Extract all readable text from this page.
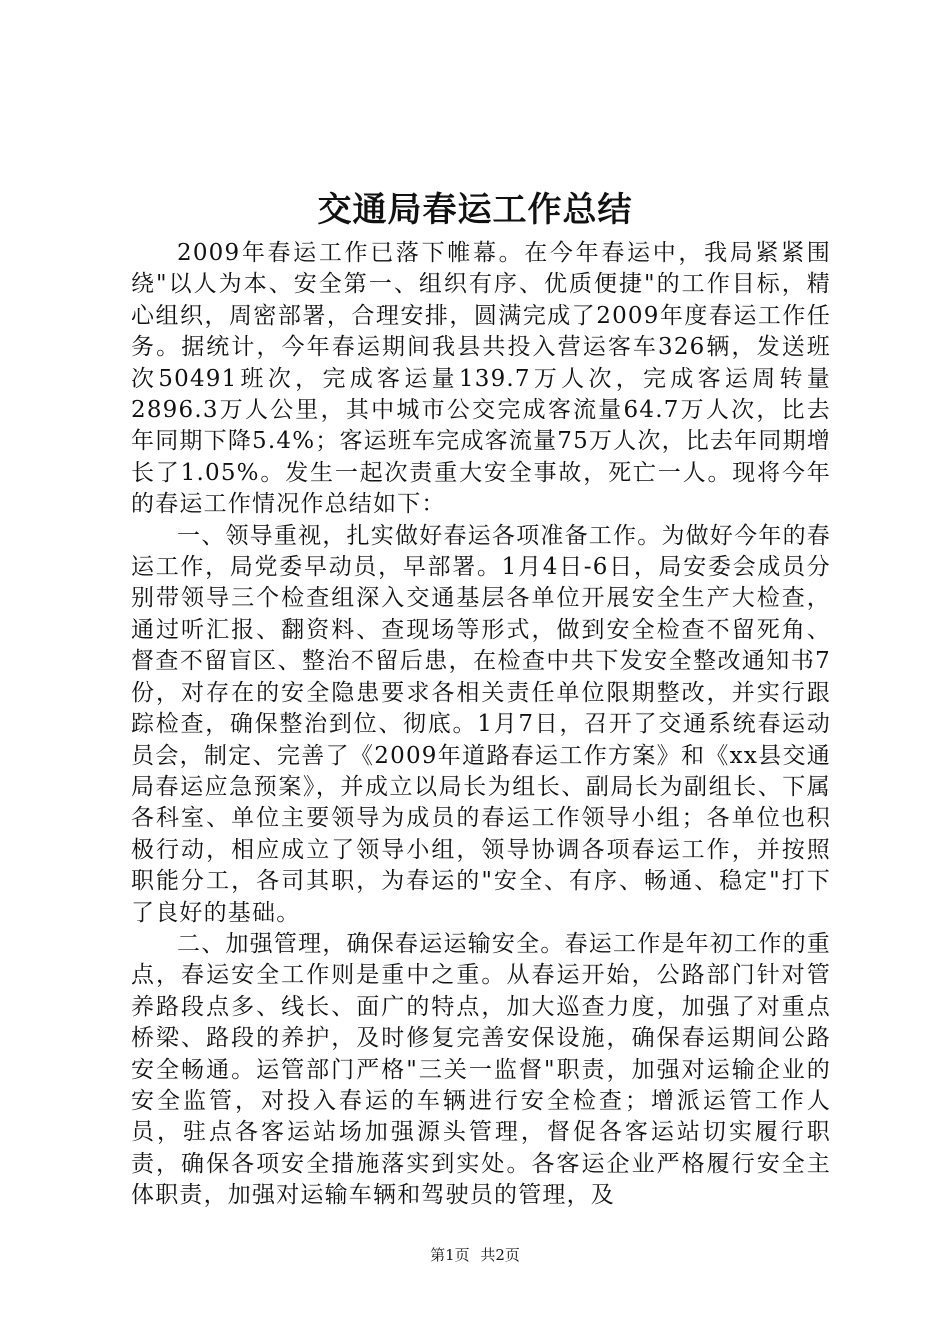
交通局春运工作总结

2009年春运工作已落下帷幕。在今年春运中，我局紧紧围绕"以人为本、安全第一、组织有序、优质便捷"的工作目标，精心组织，周密部署，合理安排，圆满完成了2009年度春运工作任务。据统计，今年春运期间我县共投入营运客车326辆，发送班次50491班次，完成客运量139.7万人次，完成客运周转量2896.3万人公里，其中城市公交完成客流量64.7万人次，比去年同期下降5.4%；客运班车完成客流量75万人次，比去年同期增长了1.05%。发生一起次责重大安全事故，死亡一人。现将今年的春运工作情况作总结如下：

一、领导重视，扎实做好春运各项准备工作。为做好今年的春运工作，局党委早动员，早部署。1月4日-6日，局安委会成员分别带领导三个检查组深入交通基层各单位开展安全生产大检查，通过听汇报、翻资料、查现场等形式，做到安全检查不留死角、督查不留盲区、整治不留后患，在检查中共下发安全整改通知书7份，对存在的安全隐患要求各相关责任单位限期整改，并实行跟踪检查，确保整治到位、彻底。1月7日，召开了交通系统春运动员会，制定、完善了《2009年道路春运工作方案》和《xx县交通局春运应急预案》，并成立以局长为组长、副局长为副组长、下属各科室、单位主要领导为成员的春运工作领导小组；各单位也积极行动，相应成立了领导小组，领导协调各项春运工作，并按照职能分工，各司其职，为春运的"安全、有序、畅通、稳定"打下了良好的基础。

二、加强管理，确保春运运输安全。春运工作是年初工作的重点，春运安全工作则是重中之重。从春运开始，公路部门针对管养路段点多、线长、面广的特点，加大巡查力度，加强了对重点桥梁、路段的养护，及时修复完善安保设施，确保春运期间公路安全畅通。运管部门严格"三关一监督"职责，加强对运输企业的安全监管，对投入春运的车辆进行安全检查；增派运管工作人员，驻点各客运站场加强源头管理，督促各客运站切实履行职责，确保各项安全措施落实到实处。各客运企业严格履行安全主体职责，加强对运输车辆和驾驶员的管理，及

第1页 共2页
